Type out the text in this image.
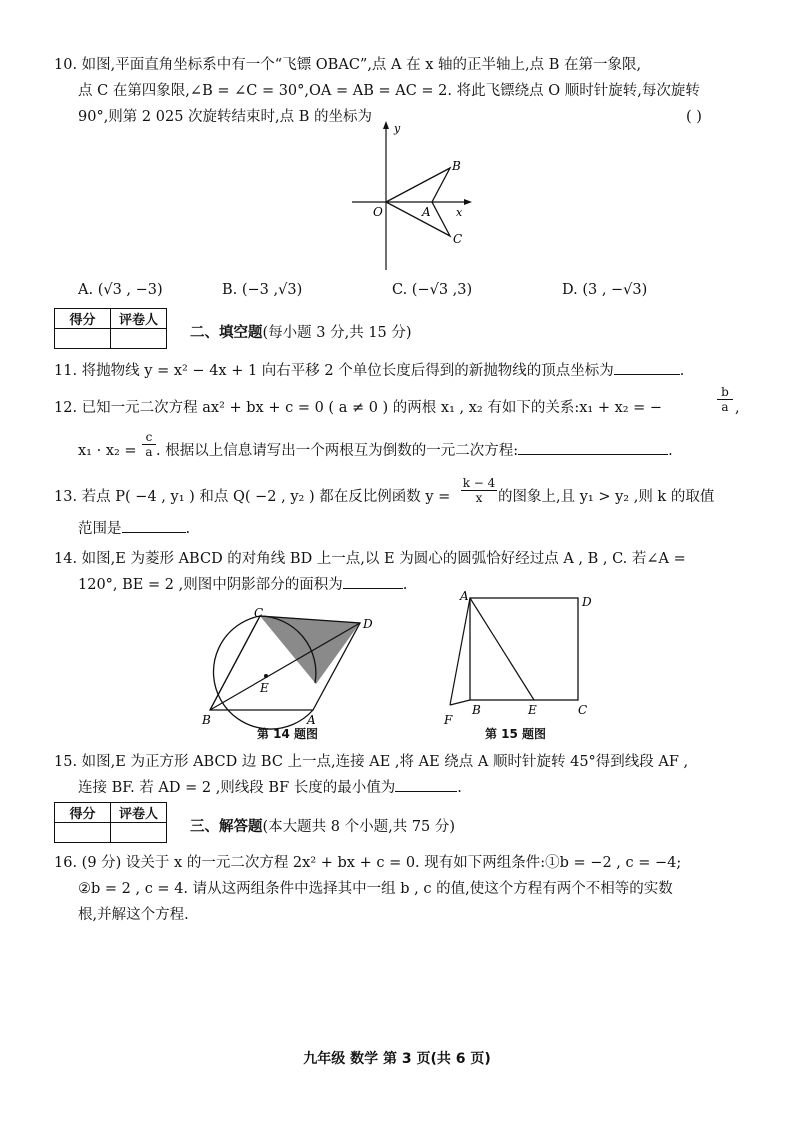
10. 如图,平面直角坐标系中有一个“飞镖 OBAC”,点 A 在 x 轴的正半轴上,点 B 在第一象限,
点 C 在第四象限,∠B = ∠C = 30°,OA = AB = AC = 2. 将此飞镖绕点 O 顺时针旋转,每次旋转
90°,则第 2 025 次旋转结束时,点 B 的坐标为	( )
y
x
O	A
B
C
A. (√3 , −3)	B. (−3 ,√3)	C. (−√3 ,3)	D. (3 , −√3)
得分	评卷人

二、填空题(每小题 3 分,共 15 分)
11. 将抛物线 y = x² − 4x + 1 向右平移 2 个单位长度后得到的新抛物线的顶点坐标为	.
12. 已知一元二次方程 ax² + bx + c = 0 ( a ≠ 0 ) 的两根 x₁ , x₂ 有如下的关系:x₁ + x₂ = −	$\frac{b}{a}$ ,
$x_1 \cdot x_2 = \frac{c}{a}$ . 根据以上信息请写出一个两根互为倒数的一元二次方程:	.
13. 若点 P( −4 , y₁ ) 和点 Q( −2 , y₂ ) 都在反比例函数 $y = \frac{k - 4}{x}$ 的图象上,且 y₁ > y₂ ,则 k 的取值
范围是	.
14. 如图,E 为菱形 ABCD 的对角线 BD 上一点,以 E 为圆心的圆弧恰好经过点 A , B , C. 若∠A =
120°, BE = 2 ,则图中阴影部分的面积为	.
C
D
B	A
E
第 14 题图
A	D
B	E	C
F
第 15 题图
15. 如图,E 为正方形 ABCD 边 BC 上一点,连接 AE ,将 AE 绕点 A 顺时针旋转 45°得到线段 AF ,
连接 BF. 若 AD = 2 ,则线段 BF 长度的最小值为	.
得分	评卷人

三、解答题(本大题共 8 个小题,共 75 分)
16. (9 分) 设关于 x 的一元二次方程 2x² + bx + c = 0. 现有如下两组条件:①b = −2 , c = −4;
②b = 2 , c = 4. 请从这两组条件中选择其中一组 b , c 的值,使这个方程有两个不相等的实数
根,并解这个方程.
九年级 数学 第 3 页(共 6 页)
